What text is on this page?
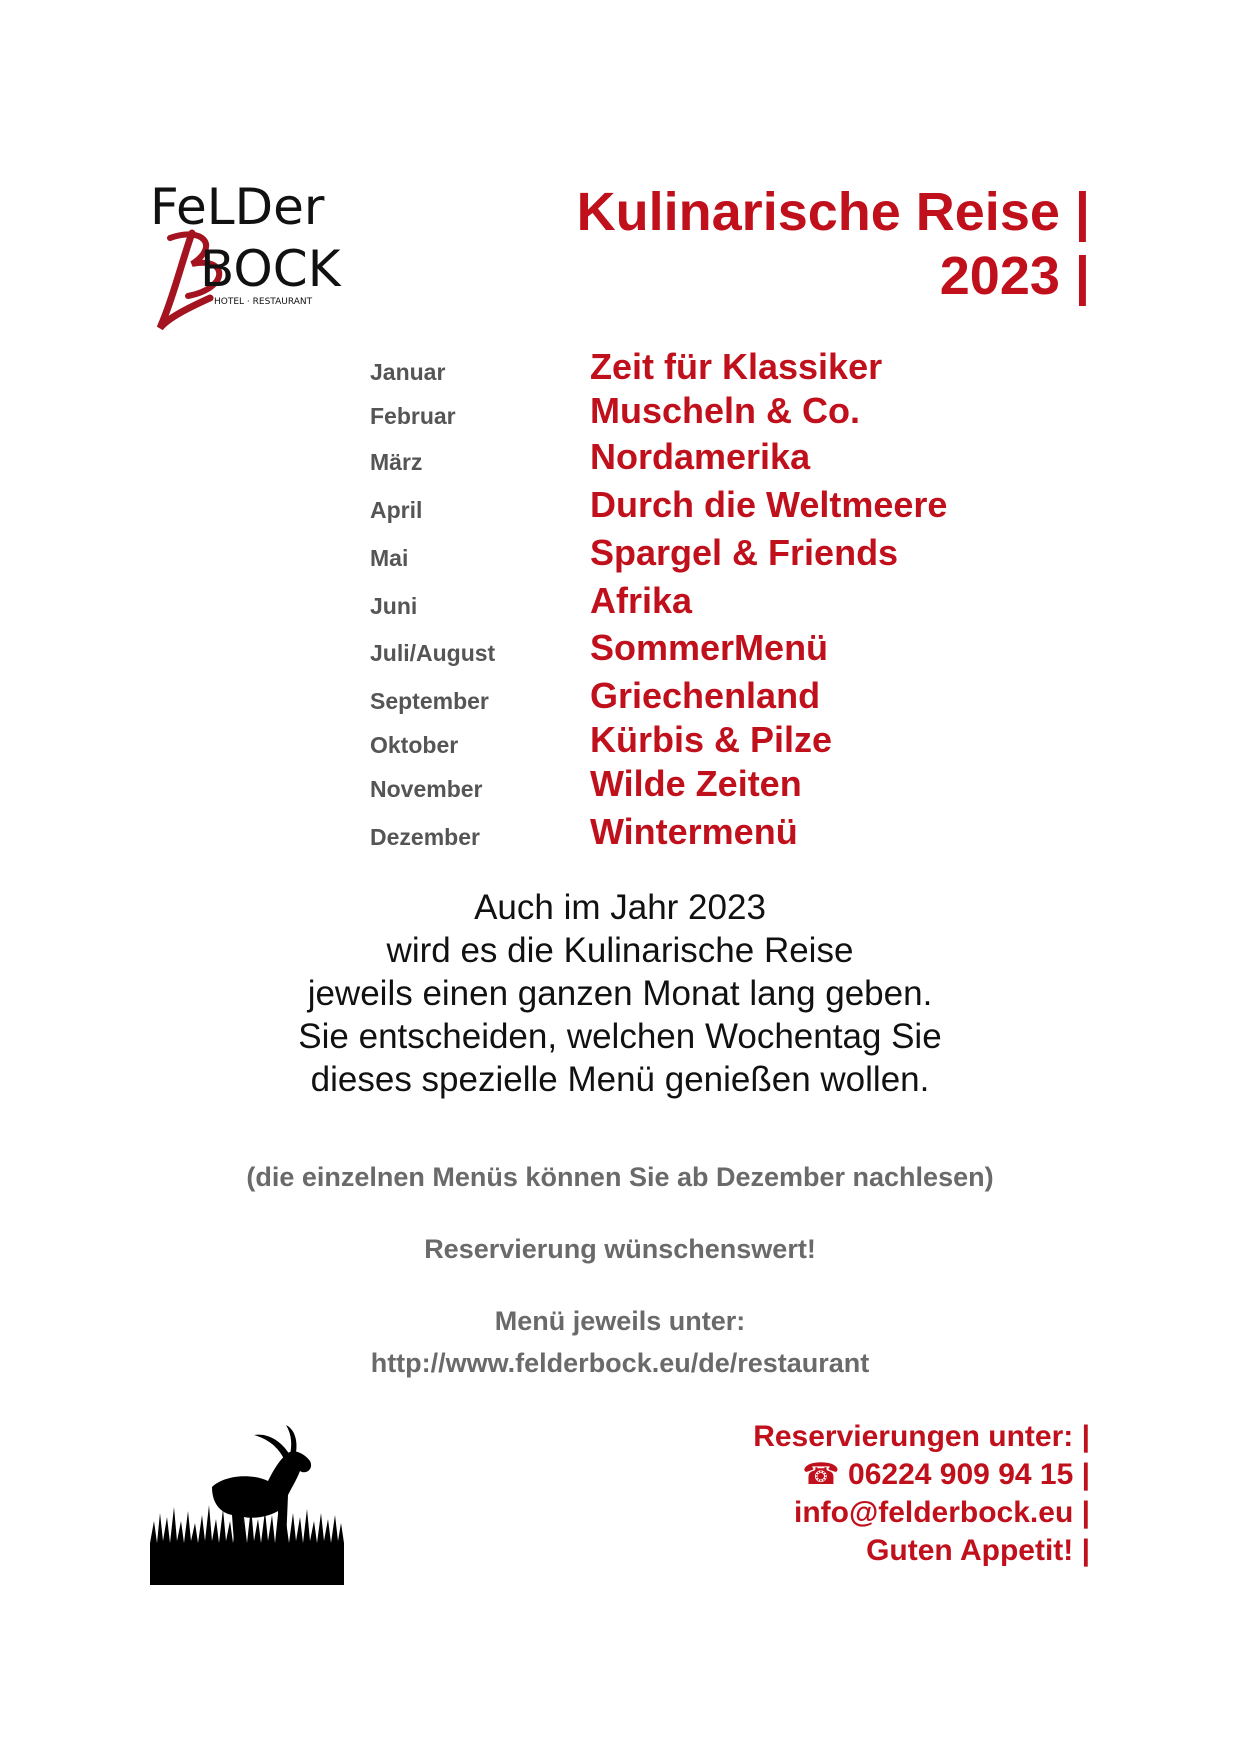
FeLDer
BOCK
HOTEL · RESTAURANT
Kulinarische Reise |
2023 |
Januar	Zeit für Klassiker
Februar	Muscheln & Co.
März	Nordamerika
April	Durch die Weltmeere
Mai	Spargel & Friends
Juni	Afrika
Juli/August	SommerMenü
September	Griechenland
Oktober	Kürbis & Pilze
November	Wilde Zeiten
Dezember	Wintermenü
Auch im Jahr 2023
wird es die Kulinarische Reise
jeweils einen ganzen Monat lang geben.
Sie entscheiden, welchen Wochentag Sie
dieses spezielle Menü genießen wollen.
(die einzelnen Menüs können Sie ab Dezember nachlesen)
Reservierung wünschenswert!
Menü jeweils unter:
http://www.felderbock.eu/de/restaurant
Reservierungen unter: |
☎ 06224 909 94 15 |
info@felderbock.eu |
Guten Appetit! |
